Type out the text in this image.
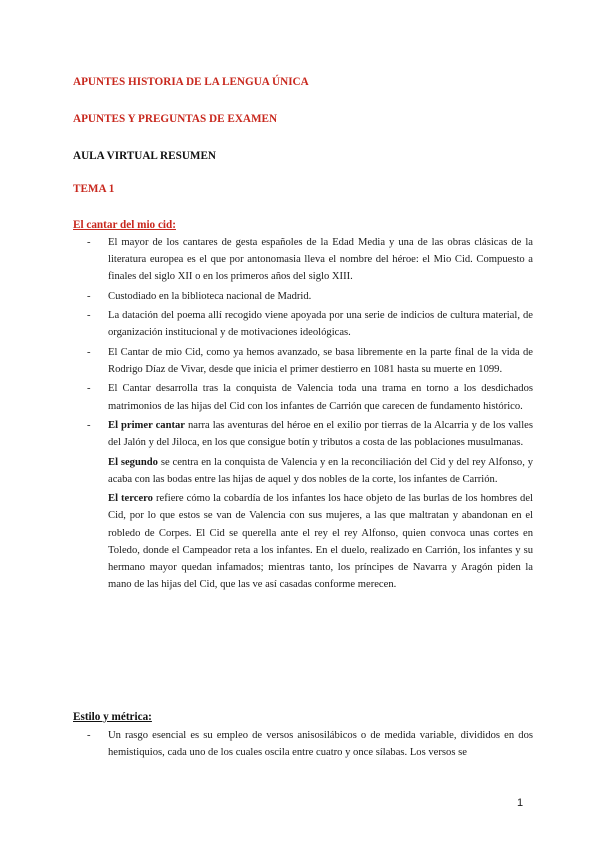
APUNTES HISTORIA DE LA LENGUA ÚNICA
APUNTES Y PREGUNTAS DE EXAMEN
AULA VIRTUAL RESUMEN
TEMA 1
El cantar del mio cid:
- El mayor de los cantares de gesta españoles de la Edad Media y una de las obras clásicas de la literatura europea es el que por antonomasia lleva el nombre del héroe: el Mio Cid. Compuesto a finales del siglo XII o en los primeros años del siglo XIII.
- Custodiado en la biblioteca nacional de Madrid.
- La datación del poema allí recogido viene apoyada por una serie de indicios de cultura material, de organización institucional y de motivaciones ideológicas.
- El Cantar de mio Cid, como ya hemos avanzado, se basa libremente en la parte final de la vida de Rodrigo Díaz de Vivar, desde que inicia el primer destierro en 1081 hasta su muerte en 1099.
- El Cantar desarrolla tras la conquista de Valencia toda una trama en torno a los desdichados matrimonios de las hijas del Cid con los infantes de Carrión que carecen de fundamento histórico.
- El primer cantar narra las aventuras del héroe en el exilio por tierras de la Alcarria y de los valles del Jalón y del Jiloca, en los que consigue botín y tributos a costa de las poblaciones musulmanas.
El segundo se centra en la conquista de Valencia y en la reconciliación del Cid y del rey Alfonso, y acaba con las bodas entre las hijas de aquel y dos nobles de la corte, los infantes de Carrión.
El tercero refiere cómo la cobardía de los infantes los hace objeto de las burlas de los hombres del Cid, por lo que estos se van de Valencia con sus mujeres, a las que maltratan y abandonan en el robledo de Corpes. El Cid se querella ante el rey el rey Alfonso, quien convoca unas cortes en Toledo, donde el Campeador reta a los infantes. En el duelo, realizado en Carrión, los infantes y su hermano mayor quedan infamados; mientras tanto, los príncipes de Navarra y Aragón piden la mano de las hijas del Cid, que las ve así casadas conforme merecen.
Estilo y métrica:
- Un rasgo esencial es su empleo de versos anisosilábicos o de medida variable, divididos en dos hemistiquios, cada uno de los cuales oscila entre cuatro y once sílabas. Los versos se
1
